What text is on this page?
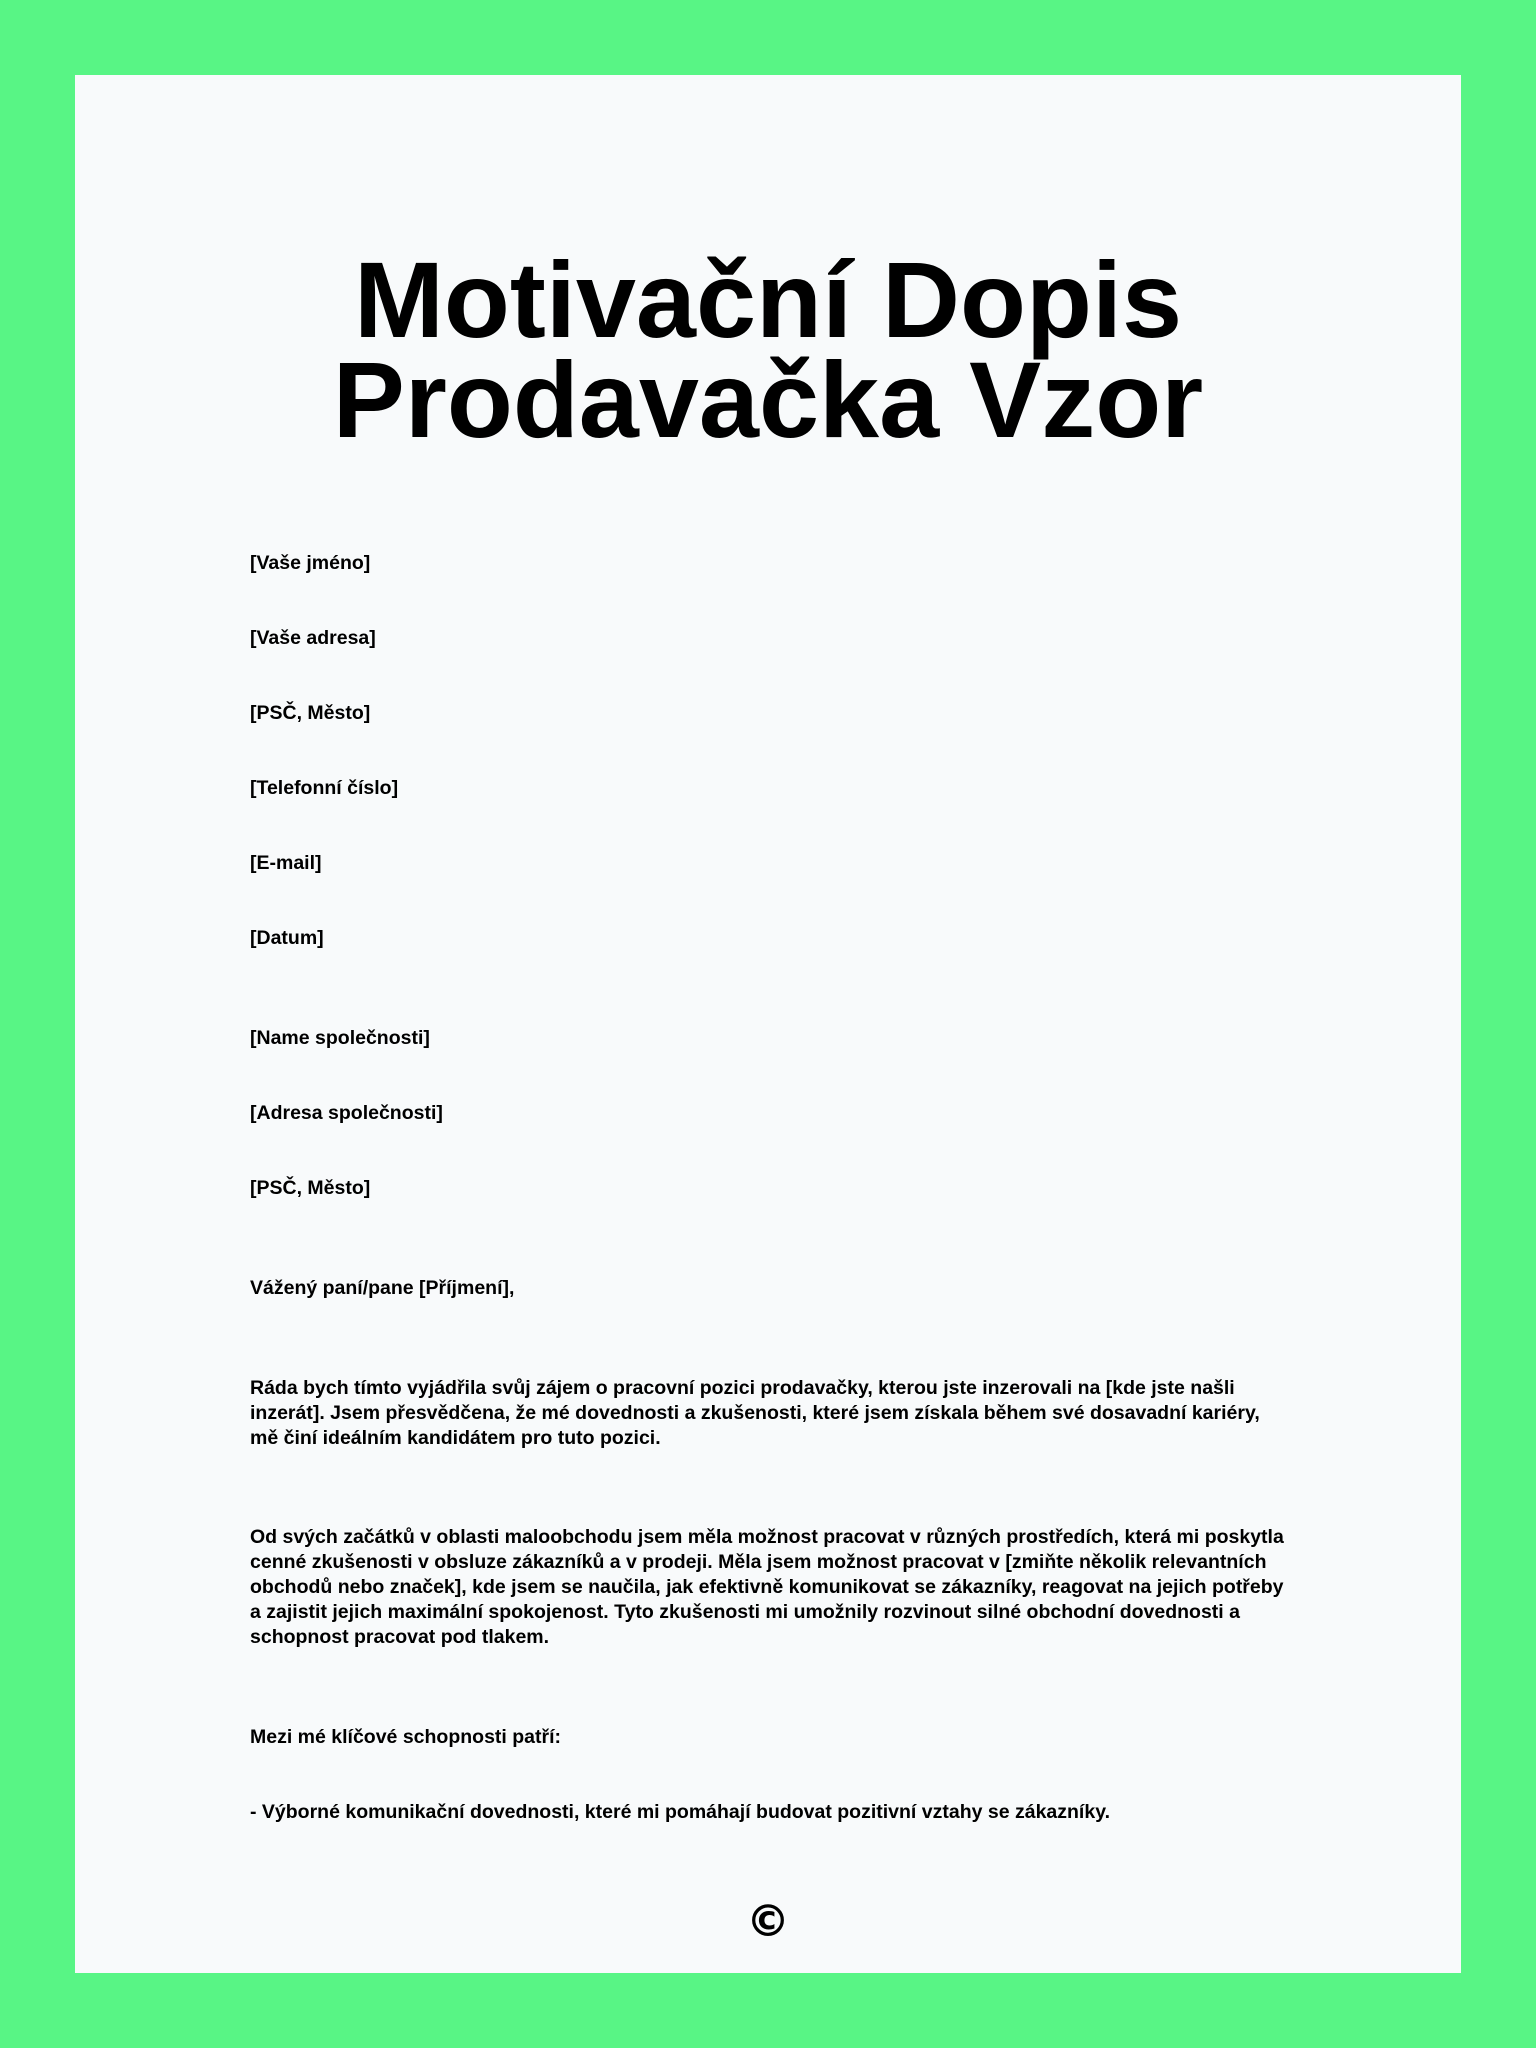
Motivační Dopis Prodavačka Vzor
[Vaše jméno]
[Vaše adresa]
[PSČ, Město]
[Telefonní číslo]
[E-mail]
[Datum]
[Name společnosti]
[Adresa společnosti]
[PSČ, Město]
Vážený paní/pane [Příjmení],
Ráda bych tímto vyjádřila svůj zájem o pracovní pozici prodavačky, kterou jste inzerovali na [kde jste našli inzerát]. Jsem přesvědčena, že mé dovednosti a zkušenosti, které jsem získala během své dosavadní kariéry, mě činí ideálním kandidátem pro tuto pozici.
Od svých začátků v oblasti maloobchodu jsem měla možnost pracovat v různých prostředích, která mi poskytla cenné zkušenosti v obsluze zákazníků a v prodeji. Měla jsem možnost pracovat v [zmiňte několik relevantních obchodů nebo značek], kde jsem se naučila, jak efektivně komunikovat se zákazníky, reagovat na jejich potřeby a zajistit jejich maximální spokojenost. Tyto zkušenosti mi umožnily rozvinout silné obchodní dovednosti a schopnost pracovat pod tlakem.
Mezi mé klíčové schopnosti patří:
- Výborné komunikační dovednosti, které mi pomáhají budovat pozitivní vztahy se zákazníky.
©
